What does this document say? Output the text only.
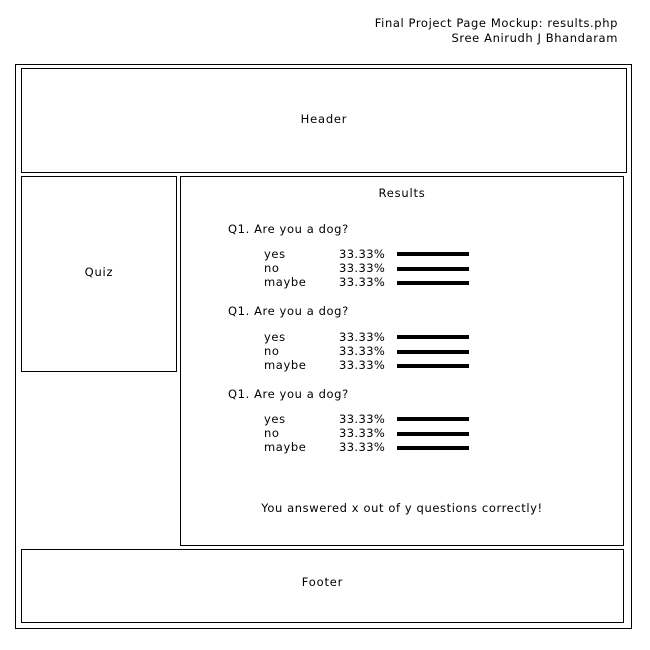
Final Project Page Mockup: results.php
Sree Anirudh J Bhandaram
Header
Quiz
Results
Q1. Are you a dog?
yes	33.33%
no	33.33%
maybe	33.33%
Q1. Are you a dog?
yes	33.33%
no	33.33%
maybe	33.33%
Q1. Are you a dog?
yes	33.33%
no	33.33%
maybe	33.33%
You answered x out of y questions correctly!
Footer
